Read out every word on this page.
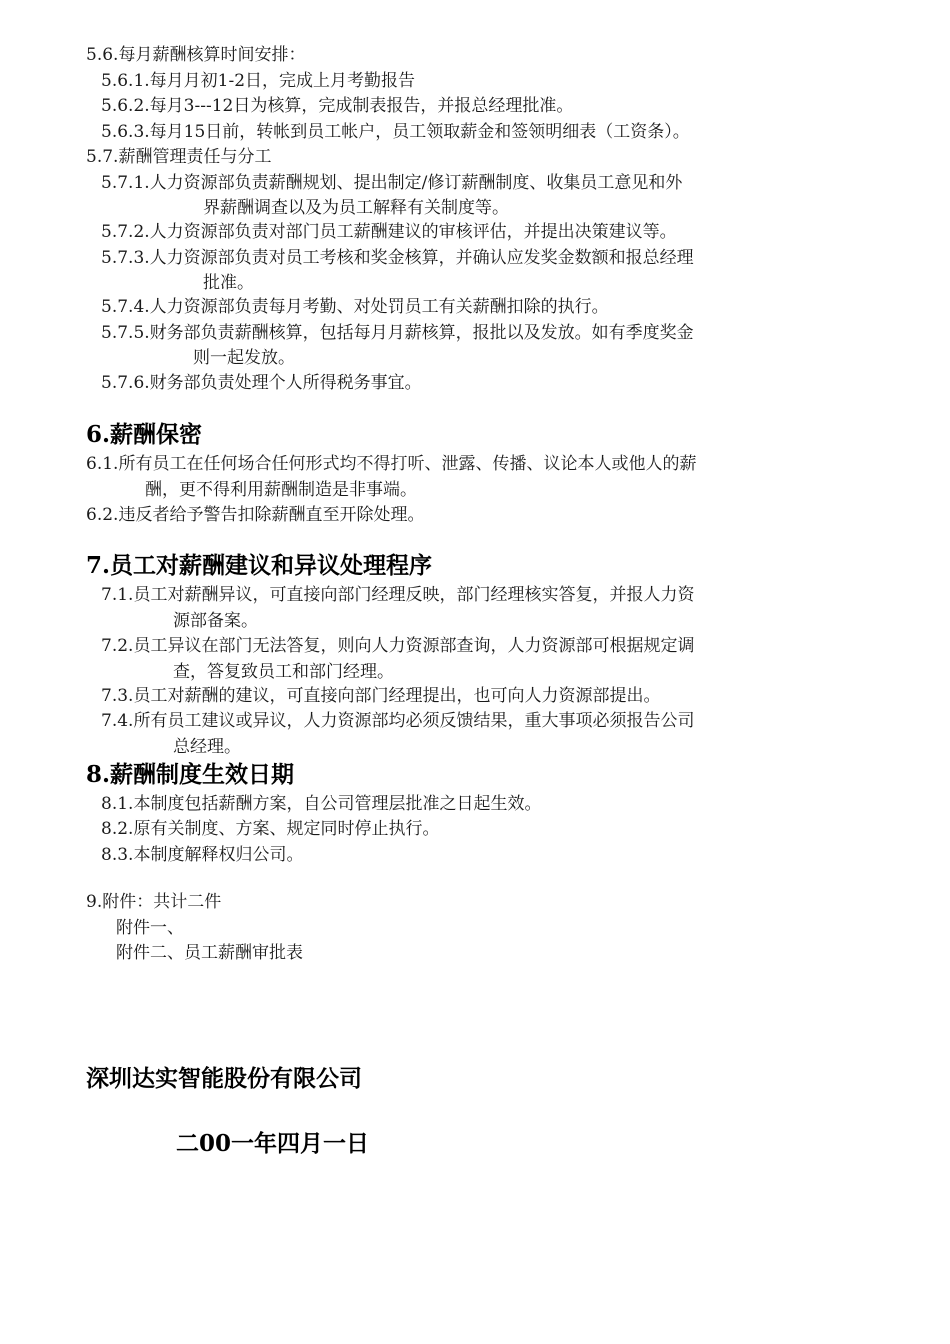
5.6.每月薪酬核算时间安排：
5.6.1.每月月初1-2日，完成上月考勤报告
5.6.2.每月3---12日为核算，完成制表报告，并报总经理批准。
5.6.3.每月15日前，转帐到员工帐户，员工领取薪金和签领明细表（工资条）。
5.7.薪酬管理责任与分工
5.7.1.人力资源部负责薪酬规划、提出制定/修订薪酬制度、收集员工意见和外
界薪酬调查以及为员工解释有关制度等。
5.7.2.人力资源部负责对部门员工薪酬建议的审核评估，并提出决策建议等。
5.7.3.人力资源部负责对员工考核和奖金核算，并确认应发奖金数额和报总经理
批准。
5.7.4.人力资源部负责每月考勤、对处罚员工有关薪酬扣除的执行。
5.7.5.财务部负责薪酬核算，包括每月月薪核算，报批以及发放。如有季度奖金
则一起发放。
5.7.6.财务部负责处理个人所得税务事宜。
6.薪酬保密
6.1.所有员工在任何场合任何形式均不得打听、泄露、传播、议论本人或他人的薪
酬，更不得利用薪酬制造是非事端。
6.2.违反者给予警告扣除薪酬直至开除处理。
7.员工对薪酬建议和异议处理程序
7.1.员工对薪酬异议，可直接向部门经理反映，部门经理核实答复，并报人力资
源部备案。
7.2.员工异议在部门无法答复，则向人力资源部查询，人力资源部可根据规定调
查，答复致员工和部门经理。
7.3.员工对薪酬的建议，可直接向部门经理提出，也可向人力资源部提出。
7.4.所有员工建议或异议，人力资源部均必须反馈结果，重大事项必须报告公司
总经理。
8.薪酬制度生效日期
8.1.本制度包括薪酬方案，自公司管理层批准之日起生效。
8.2.原有关制度、方案、规定同时停止执行。
8.3.本制度解释权归公司。
9.附件：共计二件
附件一、
附件二、员工薪酬审批表
深圳达实智能股份有限公司
二00一年四月一日
